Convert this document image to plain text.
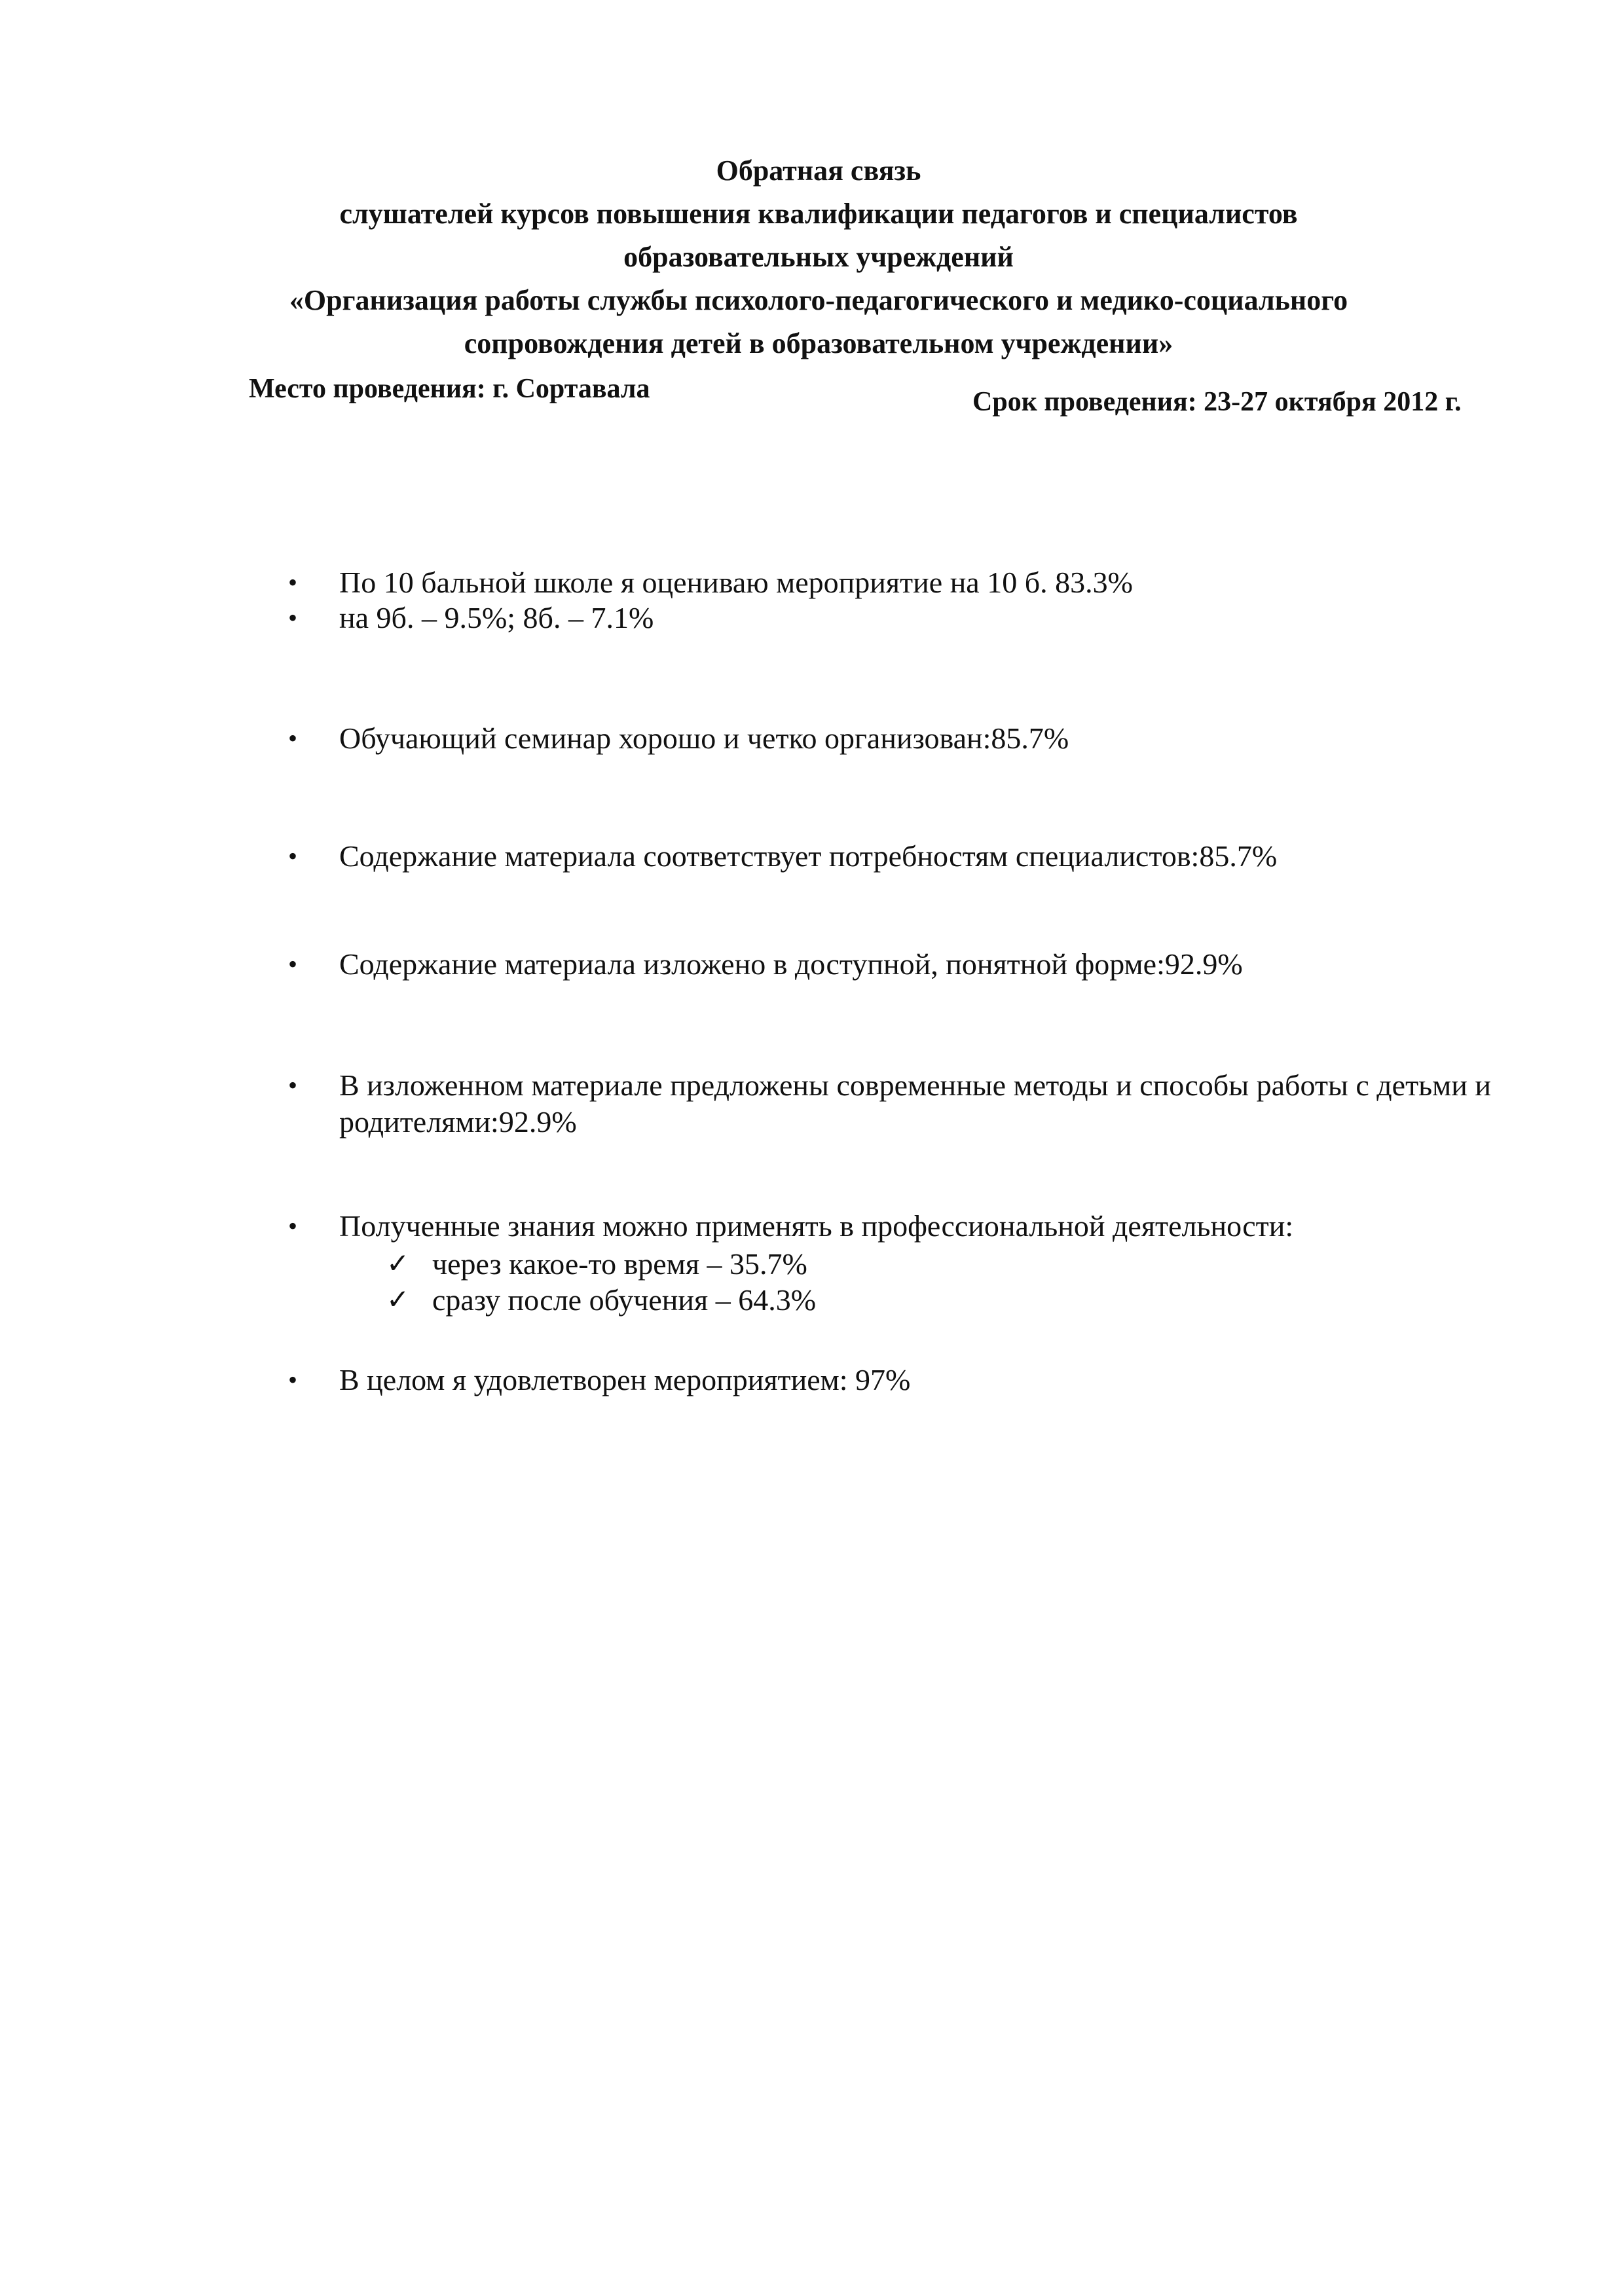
Обратная связь
слушателей курсов повышения квалификации педагогов и специалистов
образовательных учреждений
«Организация работы службы психолого-педагогического и медико-социального
сопровождения детей в образовательном учреждении»
Место проведения: г. Сортавала	Срок проведения: 23-27 октября 2012 г.
•	По 10 бальной школе я оцениваю мероприятие на 10 б. 83.3%
•	на 9б. – 9.5%; 8б. – 7.1%
•	Обучающий семинар хорошо и четко организован:85.7%
•	Содержание материала соответствует потребностям специалистов:85.7%
•	Содержание материала изложено в доступной, понятной форме:92.9%
•	В изложенном материале предложены современные методы и способы работы с детьми и родителями:92.9%
•	Полученные знания можно применять в профессиональной деятельности:
✓ через какое-то время – 35.7%
✓ сразу после обучения – 64.3%
•	В целом я удовлетворен мероприятием: 97%
